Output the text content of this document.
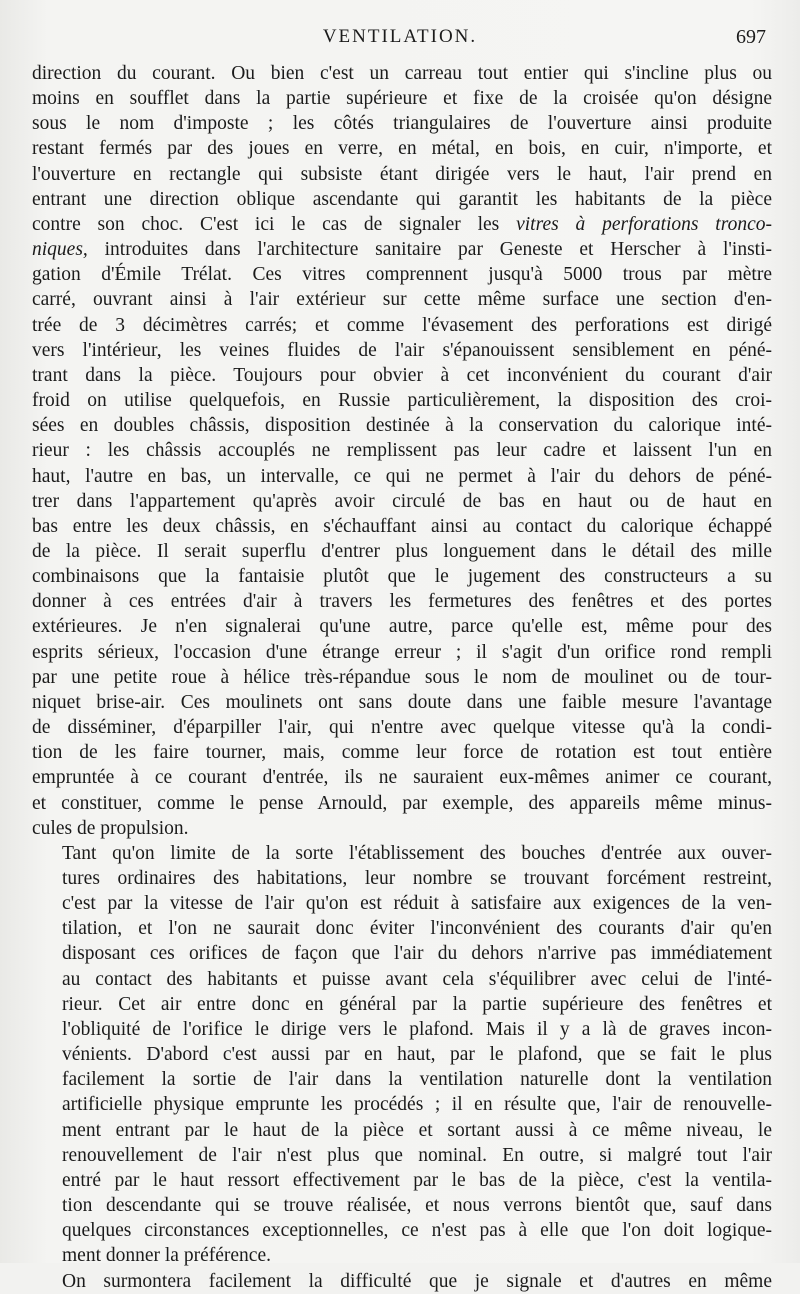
VENTILATION.	697
direction du courant. Ou bien c'est un carreau tout entier qui s'incline plus ou
moins en soufflet dans la partie supérieure et fixe de la croisée qu'on désigne
sous le nom d'imposte ; les côtés triangulaires de l'ouverture ainsi produite
restant fermés par des joues en verre, en métal, en bois, en cuir, n'importe, et
l'ouverture en rectangle qui subsiste étant dirigée vers le haut, l'air prend en
entrant une direction oblique ascendante qui garantit les habitants de la pièce
contre son choc. C'est ici le cas de signaler les vitres à perforations tronco-
niques, introduites dans l'architecture sanitaire par Geneste et Herscher à l'insti-
gation d'Émile Trélat. Ces vitres comprennent jusqu'à 5000 trous par mètre
carré, ouvrant ainsi à l'air extérieur sur cette même surface une section d'en-
trée de 3 décimètres carrés; et comme l'évasement des perforations est dirigé
vers l'intérieur, les veines fluides de l'air s'épanouissent sensiblement en péné-
trant dans la pièce. Toujours pour obvier à cet inconvénient du courant d'air
froid on utilise quelquefois, en Russie particulièrement, la disposition des croi-
sées en doubles châssis, disposition destinée à la conservation du calorique inté-
rieur : les châssis accouplés ne remplissent pas leur cadre et laissent l'un en
haut, l'autre en bas, un intervalle, ce qui ne permet à l'air du dehors de péné-
trer dans l'appartement qu'après avoir circulé de bas en haut ou de haut en
bas entre les deux châssis, en s'échauffant ainsi au contact du calorique échappé
de la pièce. Il serait superflu d'entrer plus longuement dans le détail des mille
combinaisons que la fantaisie plutôt que le jugement des constructeurs a su
donner à ces entrées d'air à travers les fermetures des fenêtres et des portes
extérieures. Je n'en signalerai qu'une autre, parce qu'elle est, même pour des
esprits sérieux, l'occasion d'une étrange erreur ; il s'agit d'un orifice rond rempli
par une petite roue à hélice très-répandue sous le nom de moulinet ou de tour-
niquet brise-air. Ces moulinets ont sans doute dans une faible mesure l'avantage
de disséminer, d'éparpiller l'air, qui n'entre avec quelque vitesse qu'à la condi-
tion de les faire tourner, mais, comme leur force de rotation est tout entière
empruntée à ce courant d'entrée, ils ne sauraient eux-mêmes animer ce courant,
et constituer, comme le pense Arnould, par exemple, des appareils même minus-
cules de propulsion.
Tant qu'on limite de la sorte l'établissement des bouches d'entrée aux ouver-
tures ordinaires des habitations, leur nombre se trouvant forcément restreint,
c'est par la vitesse de l'air qu'on est réduit à satisfaire aux exigences de la ven-
tilation, et l'on ne saurait donc éviter l'inconvénient des courants d'air qu'en
disposant ces orifices de façon que l'air du dehors n'arrive pas immédiatement
au contact des habitants et puisse avant cela s'équilibrer avec celui de l'inté-
rieur. Cet air entre donc en général par la partie supérieure des fenêtres et
l'obliquité de l'orifice le dirige vers le plafond. Mais il y a là de graves incon-
vénients. D'abord c'est aussi par en haut, par le plafond, que se fait le plus
facilement la sortie de l'air dans la ventilation naturelle dont la ventilation
artificielle physique emprunte les procédés ; il en résulte que, l'air de renouvelle-
ment entrant par le haut de la pièce et sortant aussi à ce même niveau, le
renouvellement de l'air n'est plus que nominal. En outre, si malgré tout l'air
entré par le haut ressort effectivement par le bas de la pièce, c'est la ventila-
tion descendante qui se trouve réalisée, et nous verrons bientôt que, sauf dans
quelques circonstances exceptionnelles, ce n'est pas à elle que l'on doit logique-
ment donner la préférence.
On surmontera facilement la difficulté que je signale et d'autres en même
